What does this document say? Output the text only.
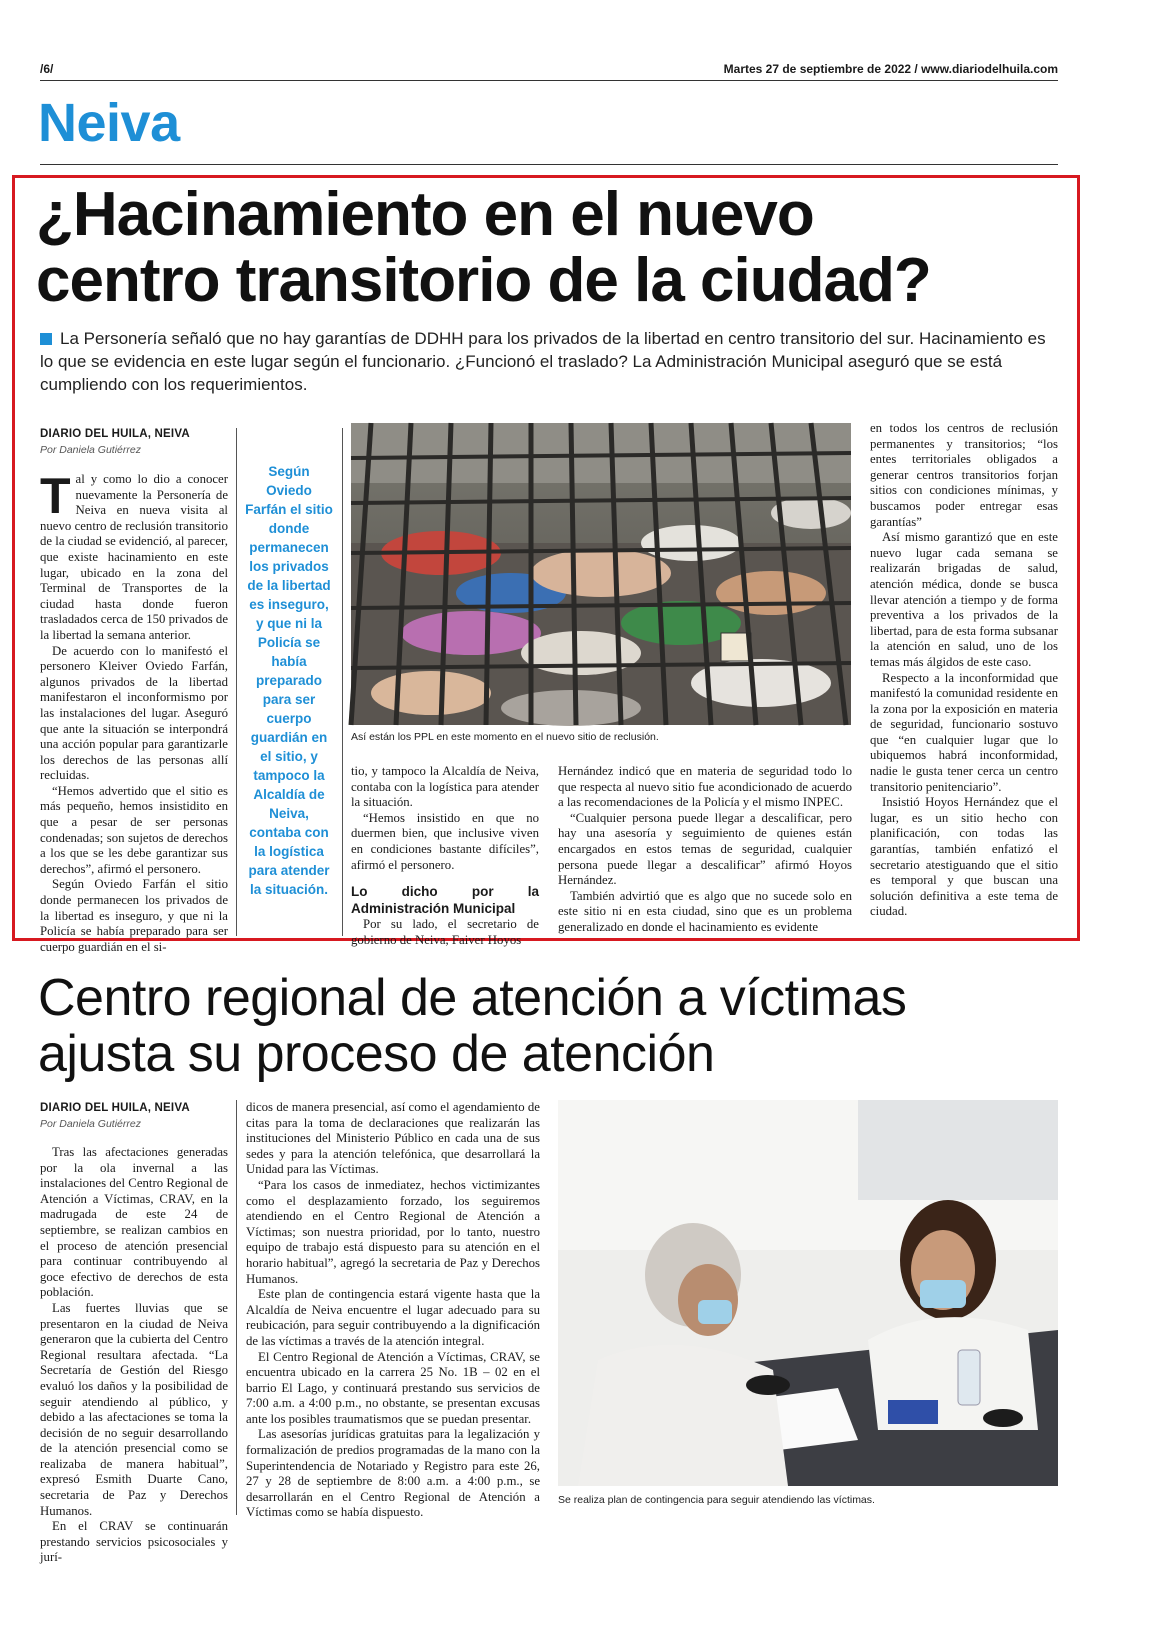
/6/	Martes 27 de septiembre de 2022 / www.diariodelhuila.com
Neiva
¿Hacinamiento en el nuevo
centro transitorio de la ciudad?
La Personería señaló que no hay garantías de DDHH para los privados de la libertad en centro transitorio del sur. Hacinamiento es lo que se evidencia en este lugar según el funcionario. ¿Funcionó el traslado? La Administración Municipal aseguró que se está cumpliendo con los requerimientos.
DIARIO DEL HUILA, NEIVA
Por Daniela Gutiérrez

Tal y como lo dio a conocer nuevamente la Personería de Neiva en nueva visita al nuevo centro de reclusión transitorio de la ciudad se evidenció, al parecer, que existe hacinamiento en este lugar, ubicado en la zona del Terminal de Transportes de la ciudad hasta donde fueron trasladados cerca de 150 privados de la libertad la semana anterior.

De acuerdo con lo manifestó el personero Kleiver Oviedo Farfán, algunos privados de la libertad manifestaron el inconformismo por las instalaciones del lugar. Aseguró que ante la situación se interpondrá una acción popular para garantizarle los derechos de las personas allí recluidas.

“Hemos advertido que el sitio es más pequeño, hemos insistidito en que a pesar de ser personas condenadas; son sujetos de derechos a los que se les debe garantizar sus derechos”, afirmó el personero.

Según Oviedo Farfán el sitio donde permanecen los privados de la libertad es inseguro, y que ni la Policía se había preparado para ser cuerpo guardián en el si-

Según Oviedo Farfán el sitio donde permanecen los privados de la libertad es inseguro, y que ni la Policía se había preparado para ser cuerpo guardián en el sitio, y tampoco la Alcaldía de Neiva, contaba con la logística para atender la situación.
Así están los PPL en este momento en el nuevo sitio de reclusión.

tio, y tampoco la Alcaldía de Neiva, contaba con la logística para atender la situación.

“Hemos insistido en que no duermen bien, que inclusive viven en condiciones bastante difíciles”, afirmó el personero.

Lo dicho por la Administración Municipal

Por su lado, el secretario de gobierno de Neiva, Faiver Hoyos

Hernández indicó que en materia de seguridad todo lo que respecta al nuevo sitio fue acondicionado de acuerdo a las recomendaciones de la Policía y el mismo INPEC.

“Cualquier persona puede llegar a descalificar, pero hay una asesoría y seguimiento de quienes están encargados en estos temas de seguridad, cualquier persona puede llegar a descalificar” afirmó Hoyos Hernández.

También advirtió que es algo que no sucede solo en este sitio ni en esta ciudad, sino que es un problema generalizado en donde el hacinamiento es evidente

en todos los centros de reclusión permanentes y transitorios; “los entes territoriales obligados a generar centros transitorios forjan sitios con condiciones mínimas, y buscamos poder entregar esas garantías”

Así mismo garantizó que en este nuevo lugar cada semana se realizarán brigadas de salud, atención médica, donde se busca llevar atención a tiempo y de forma preventiva a los privados de la libertad, para de esta forma subsanar la atención en salud, uno de los temas más álgidos de este caso.

Respecto a la inconformidad que manifestó la comunidad residente en la zona por la exposición en materia de seguridad, funcionario sostuvo que “en cualquier lugar que lo ubiquemos habrá inconformidad, nadie le gusta tener cerca un centro transitorio penitenciario”.

Insistió Hoyos Hernández que el lugar, es un sitio hecho con planificación, con todas las garantías, también enfatizó el secretario atestiguando que el sitio es temporal y que buscan una solución definitiva a este tema de ciudad.

Centro regional de atención a víctimas
ajusta su proceso de atención
DIARIO DEL HUILA, NEIVA
Por Daniela Gutiérrez

Tras las afectaciones generadas por la ola invernal a las instalaciones del Centro Regional de Atención a Víctimas, CRAV, en la madrugada de este 24 de septiembre, se realizan cambios en el proceso de atención presencial para continuar contribuyendo al goce efectivo de derechos de esta población.

Las fuertes lluvias que se presentaron en la ciudad de Neiva generaron que la cubierta del Centro Regional resultara afectada. “La Secretaría de Gestión del Riesgo evaluó los daños y la posibilidad de seguir atendiendo al público, y debido a las afectaciones se toma la decisión de no seguir desarrollando de la atención presencial como se realizaba de manera habitual”, expresó Esmith Duarte Cano, secretaria de Paz y Derechos Humanos.

En el CRAV se continuarán prestando servicios psicosociales y jurí-

dicos de manera presencial, así como el agendamiento de citas para la toma de declaraciones que realizarán las instituciones del Ministerio Público en cada una de sus sedes y para la atención telefónica, que desarrollará la Unidad para las Víctimas.

“Para los casos de inmediatez, hechos victimizantes como el desplazamiento forzado, los seguiremos atendiendo en el Centro Regional de Atención a Víctimas; son nuestra prioridad, por lo tanto, nuestro equipo de trabajo está dispuesto para su atención en el horario habitual”, agregó la secretaria de Paz y Derechos Humanos.

Este plan de contingencia estará vigente hasta que la Alcaldía de Neiva encuentre el lugar adecuado para su reubicación, para seguir contribuyendo a la dignificación de las víctimas a través de la atención integral.

El Centro Regional de Atención a Víctimas, CRAV, se encuentra ubicado en la carrera 25 No. 1B – 02 en el barrio El Lago, y continuará prestando sus servicios de 7:00 a.m. a 4:00 p.m., no obstante, se presentan excusas ante los posibles traumatismos que se puedan presentar.

Las asesorías jurídicas gratuitas para la legalización y formalización de predios programadas de la mano con la Superintendencia de Notariado y Registro para este 26, 27 y 28 de septiembre de 8:00 a.m. a 4:00 p.m., se desarrollarán en el Centro Regional de Atención a Víctimas como se había dispuesto.

Se realiza plan de contingencia para seguir atendiendo las víctimas.
